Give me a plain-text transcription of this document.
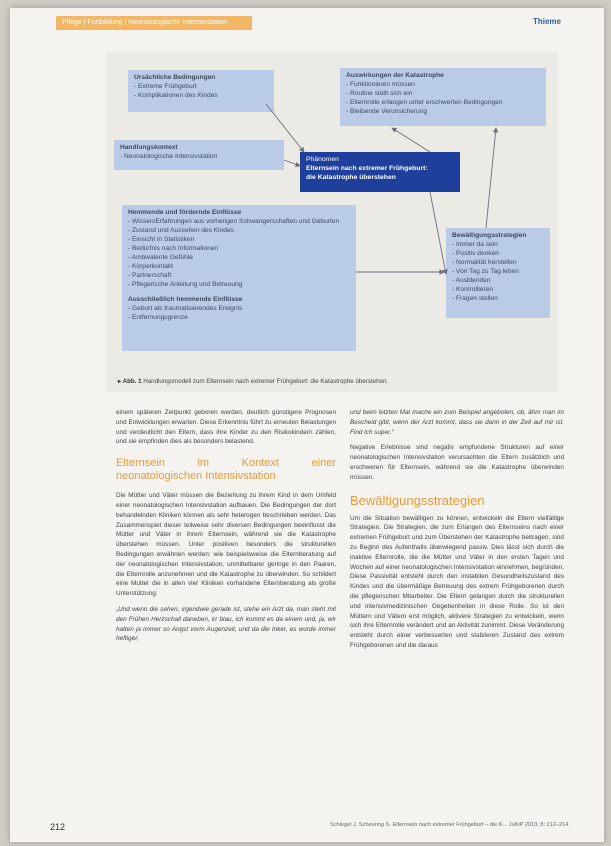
Pflege | Fortbildung | Neonatologische Intensivstation	Thieme
Ursächliche Bedingungen
- Extreme Frühgeburt
- Komplikationen des Kindes
Auswirkungen der Katastrophe
- Funktionieren müssen
- Routine stellt sich ein
- Elternrolle erlangen unter erschwerten Bedingungen
- Bleibende Verunsicherung
Handlungskontext
- Neonatologische Intensivstation	Phänomen
Elternsein nach extremer Frühgeburt:
die Katastrophe überstehen
Hemmende und fördernde Einflüsse
- Wissen/Erfahrungen aus vorherigen Schwangerschaften und Geburten
- Zustand und Aussehen des Kindes
- Einsicht in Statistiken
- Bedürfnis nach Informationen
- Ambivalente Gefühle
- Körperkontakt
- Partnerschaft
- Pflegerische Anleitung und Betreuung
Ausschließlich hemmende Einflüsse
- Geburt als traumatisierendes Ereignis
- Entfernungsgrenze
Bewältigungsstrategien
- Immer da sein
- Positiv denken
- Normalität herstellen
- Von Tag zu Tag leben
- Ausblenden
- Kontrollieren
- Fragen stellen
▸ Abb. 1 Handlungsmodell zum Elternsein nach extremer Frühgeburt: die Katastrophe überstehen.

einem späteren Zeitpunkt geboren werden, deutlich günstigere Prognosen und Entwicklungen erwarten. Diese Erkenntnis führt zu erneuten Belastungen und verdeutlicht den Eltern, dass ihre Kinder zu den Risikokindern zählen, und sie empfinden dies als besonders belastend.

Elternsein im Kontext einer neonatologischen Intensivstation

Die Mütter und Väter müssen die Beziehung zu ihrem Kind in dem Umfeld einer neonatologischen Intensivstation aufbauen. Die Bedingungen der dort behandelnden Kliniken können als sehr heterogen beschrieben werden. Das Zusammenspiel dieser teilweise sehr diversen Bedingungen beeinflusst die Mütter und Väter in ihrem Elternsein, während sie die Katastrophe überstehen müssen. Unter positiven besonders die strukturellen Bedingungen erwähnen werden: wie beispielsweise die Elternberatung auf der neonatologischen Intensivstation, unmittelbarer geringe in den Paaren, die Elternrolle anzunehmen und die Katastrophe zu überwinden. So schildert eine Mutter die in allen vier Kliniken vorhandene Elternberatung als große Unterstützung:

„Und wenn die sehen, irgendwie gerade ist, stehe ein Arzt da, man steht mit den Frühen Herzschall daneben, irr blau, ich kommt es da einem und, ja, wir hatten ja immer so Angst vorm Augenzeit, und da die Inker, es wurde immer heftiger,

und beim letzten Mal mache ein zum Beispiel angeboten, ob, ähm man im Bescheid gibt, wenn der Arzt kommt, dass sie dann in der Zeit auf mir ist. Find ich super.“

Negative Erlebnisse sind negativ empfundene Strukturen auf einer neonatologischen Intensivstation verursachten die Eltern zusätzlich und erschweren für Elternsein, während sie die Katastrophe überwinden müssen.

Bewältigungsstrategien

Um die Situation bewältigen zu können, entwickeln die Eltern vielfältige Strategien. Die Strategien, die zum Erlangen des Elternseins nach einer extremen Frühgeburt und zum Überstehen der Katastrophe beitragen, sind zu Beginn des Aufenthalts überwiegend passiv. Dies lässt sich durch die inaktive Elternrolle, die die Mütter und Väter in den ersten Tagen und Wochen auf einer neonatologischen Intensivstation einnehmen, begründen. Diese Passivität entsteht durch den instabilen Gesundheitszustand des Kindes und die übermäßige Betreuung des extrem Frühgeborenen durch die pflegerischen Mitarbeiter. Die Eltern gelangen durch die strukturellen und intensivmedizinischen Gegebenheiten in diese Rolle. So ist den Müttern und Vätern erst möglich, aktivere Strategien zu entwickeln, wenn sich ihre Elternrolle verändert und an Aktivität zunimmt. Diese Veränderung entsteht durch einer verbesserten und stabileren Zustand des extrem Frühgeborenen und die daraus

212	Schlegel J. Scheuring S. Elternsein nach extremer Frühgeburt – die K... JuKiP 2013; 8: 212–214
